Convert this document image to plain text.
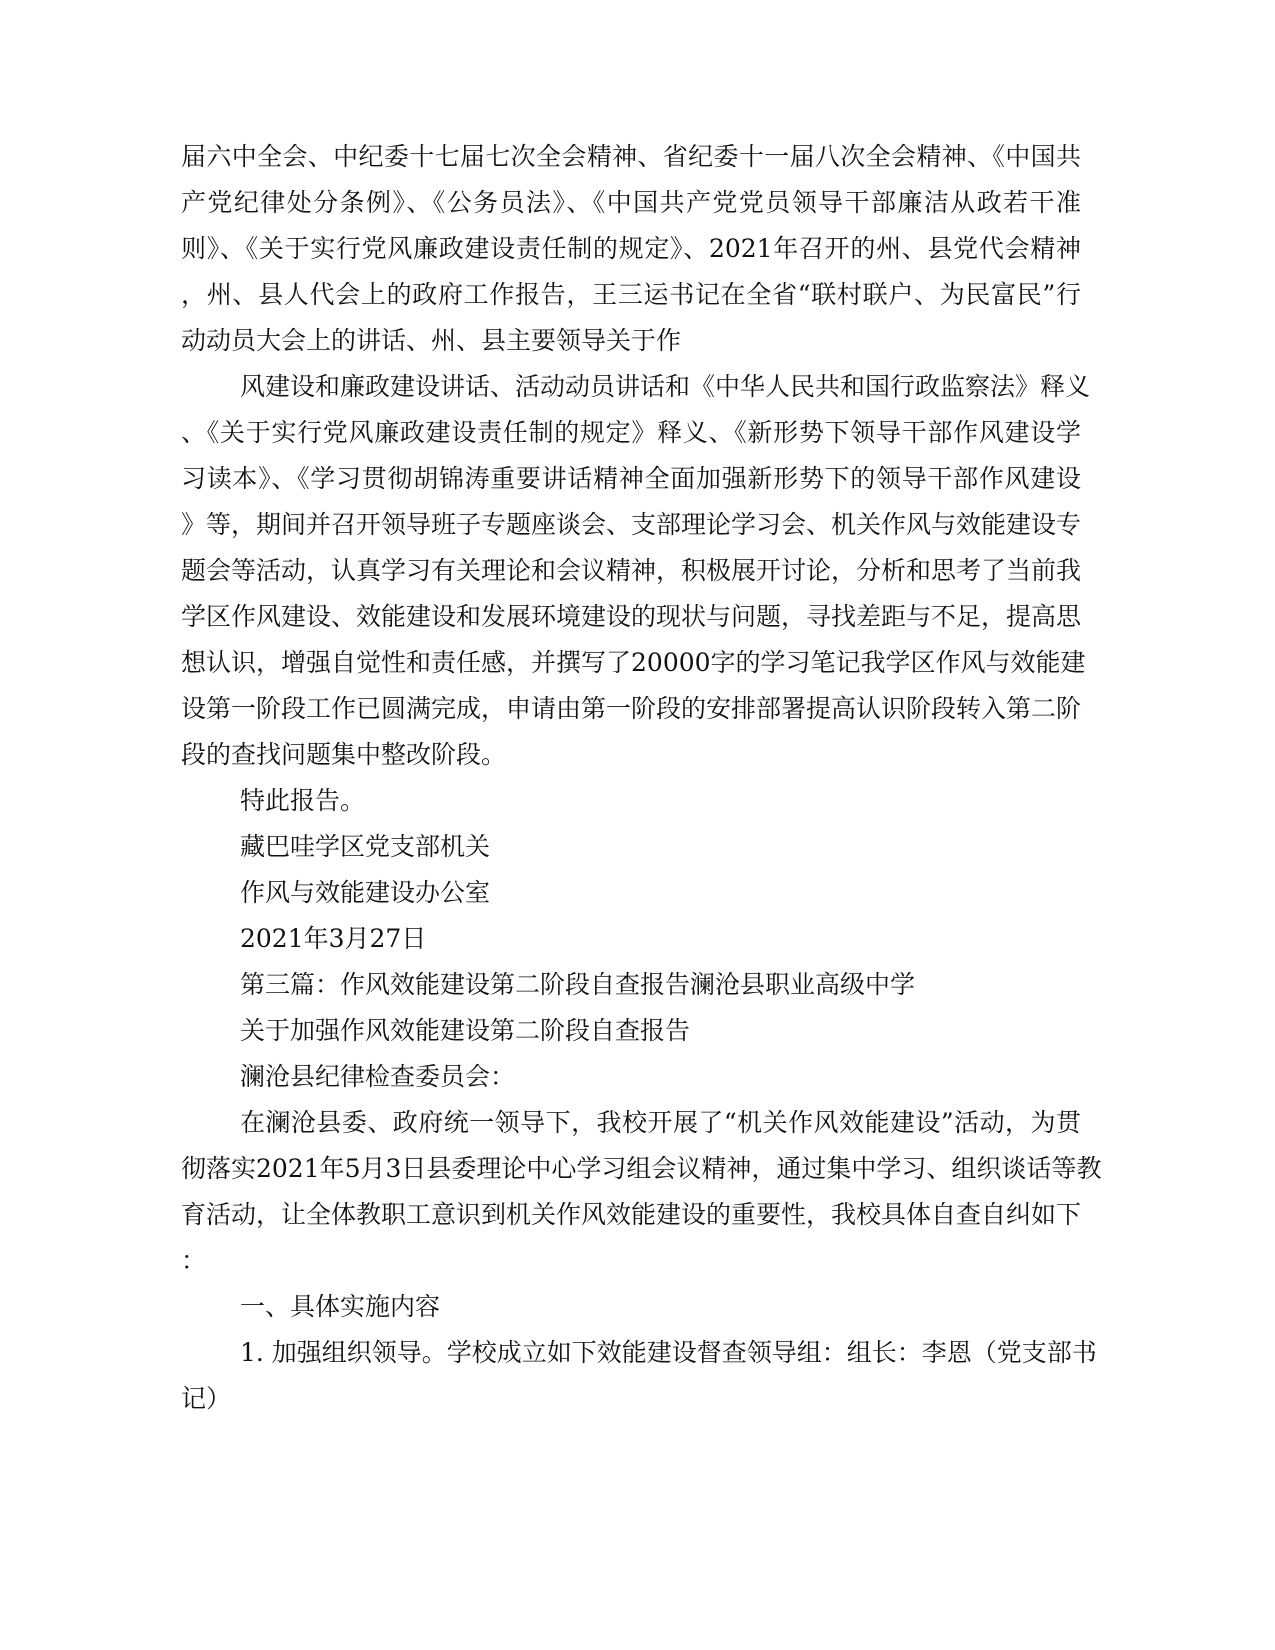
届六中全会、中纪委十七届七次全会精神、省纪委十一届八次全会精神、《中国共
产党纪律处分条例》、《公务员法》、《中国共产党党员领导干部廉洁从政若干准
则》、《关于实行党风廉政建设责任制的规定》、2021年召开的州、县党代会精神
，州、县人代会上的政府工作报告，王三运书记在全省“联村联户、为民富民”行
动动员大会上的讲话、州、县主要领导关于作
风建设和廉政建设讲话、活动动员讲话和《中华人民共和国行政监察法》释义
、《关于实行党风廉政建设责任制的规定》释义、《新形势下领导干部作风建设学
习读本》、《学习贯彻胡锦涛重要讲话精神全面加强新形势下的领导干部作风建设
》等，期间并召开领导班子专题座谈会、支部理论学习会、机关作风与效能建设专
题会等活动，认真学习有关理论和会议精神，积极展开讨论，分析和思考了当前我
学区作风建设、效能建设和发展环境建设的现状与问题，寻找差距与不足，提高思
想认识，增强自觉性和责任感，并撰写了20000字的学习笔记我学区作风与效能建
设第一阶段工作已圆满完成，申请由第一阶段的安排部署提高认识阶段转入第二阶
段的查找问题集中整改阶段。
特此报告。
藏巴哇学区党支部机关
作风与效能建设办公室
2021年3月27日
第三篇：作风效能建设第二阶段自查报告澜沧县职业高级中学
关于加强作风效能建设第二阶段自查报告
澜沧县纪律检查委员会：
在澜沧县委、政府统一领导下，我校开展了“机关作风效能建设”活动，为贯
彻落实2021年5月3日县委理论中心学习组会议精神，通过集中学习、组织谈话等教
育活动，让全体教职工意识到机关作风效能建设的重要性，我校具体自查自纠如下
：
一、具体实施内容
1. 加强组织领导。学校成立如下效能建设督查领导组：组长：李恩（党支部书
记）
